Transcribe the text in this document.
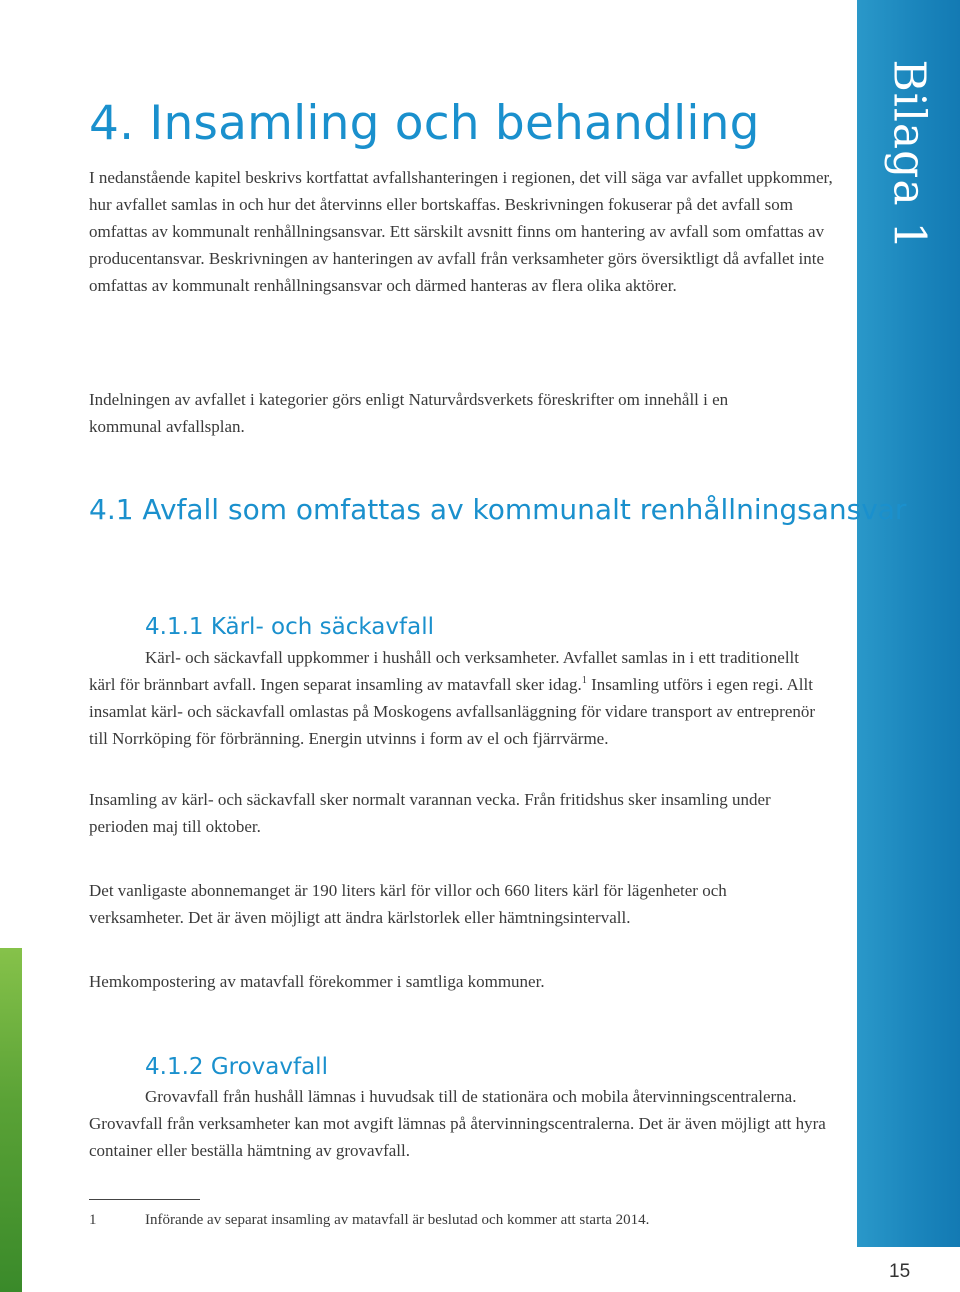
Bilaga 1
15
4. Insamling och behandling

I nedanstående kapitel beskrivs kortfattat avfallshanteringen i regionen, det vill säga var avfallet uppkommer, hur avfallet samlas in och hur det återvinns eller bortskaffas. Beskrivningen fokuserar på det avfall som omfattas av kommunalt renhållningsansvar. Ett särskilt avsnitt finns om hantering av avfall som omfattas av producentansvar. Beskrivningen av hanteringen av avfall från verksamheter görs översiktligt då avfallet inte omfattas av kommunalt renhållningsansvar och därmed hanteras av flera olika aktörer.

Indelningen av avfallet i kategorier görs enligt Naturvårdsverkets föreskrifter om innehåll i en kommunal avfallsplan.

4.1 Avfall som omfattas av kommunalt renhållningsansvar
4.1.1 Kärl- och säckavfall

Kärl- och säckavfall uppkommer i hushåll och verksamheter. Avfallet samlas in i ett traditionellt kärl för brännbart avfall. Ingen separat insamling av matavfall sker idag.$^1$ Insamling utförs i egen regi. Allt insamlat kärl- och säckavfall omlastas på Moskogens avfallsanläggning för vidare transport av entreprenör till Norrköping för förbränning. Energin utvinns i form av el och fjärrvärme.

Insamling av kärl- och säckavfall sker normalt varannan vecka. Från fritidshus sker insamling under perioden maj till oktober.

Det vanligaste abonnemanget är 190 liters kärl för villor och 660 liters kärl för lägenheter och verksamheter. Det är även möjligt att ändra kärlstorlek eller hämtningsintervall.

Hemkompostering av matavfall förekommer i samtliga kommuner.

4.1.2 Grovavfall

Grovavfall från hushåll lämnas i huvudsak till de stationära och mobila återvinningscentralerna. Grovavfall från verksamheter kan mot avgift lämnas på återvinningscentralerna. Det är även möjligt att hyra container eller beställa hämtning av grovavfall.

1	Införande av separat insamling av matavfall är beslutad och kommer att starta 2014.
